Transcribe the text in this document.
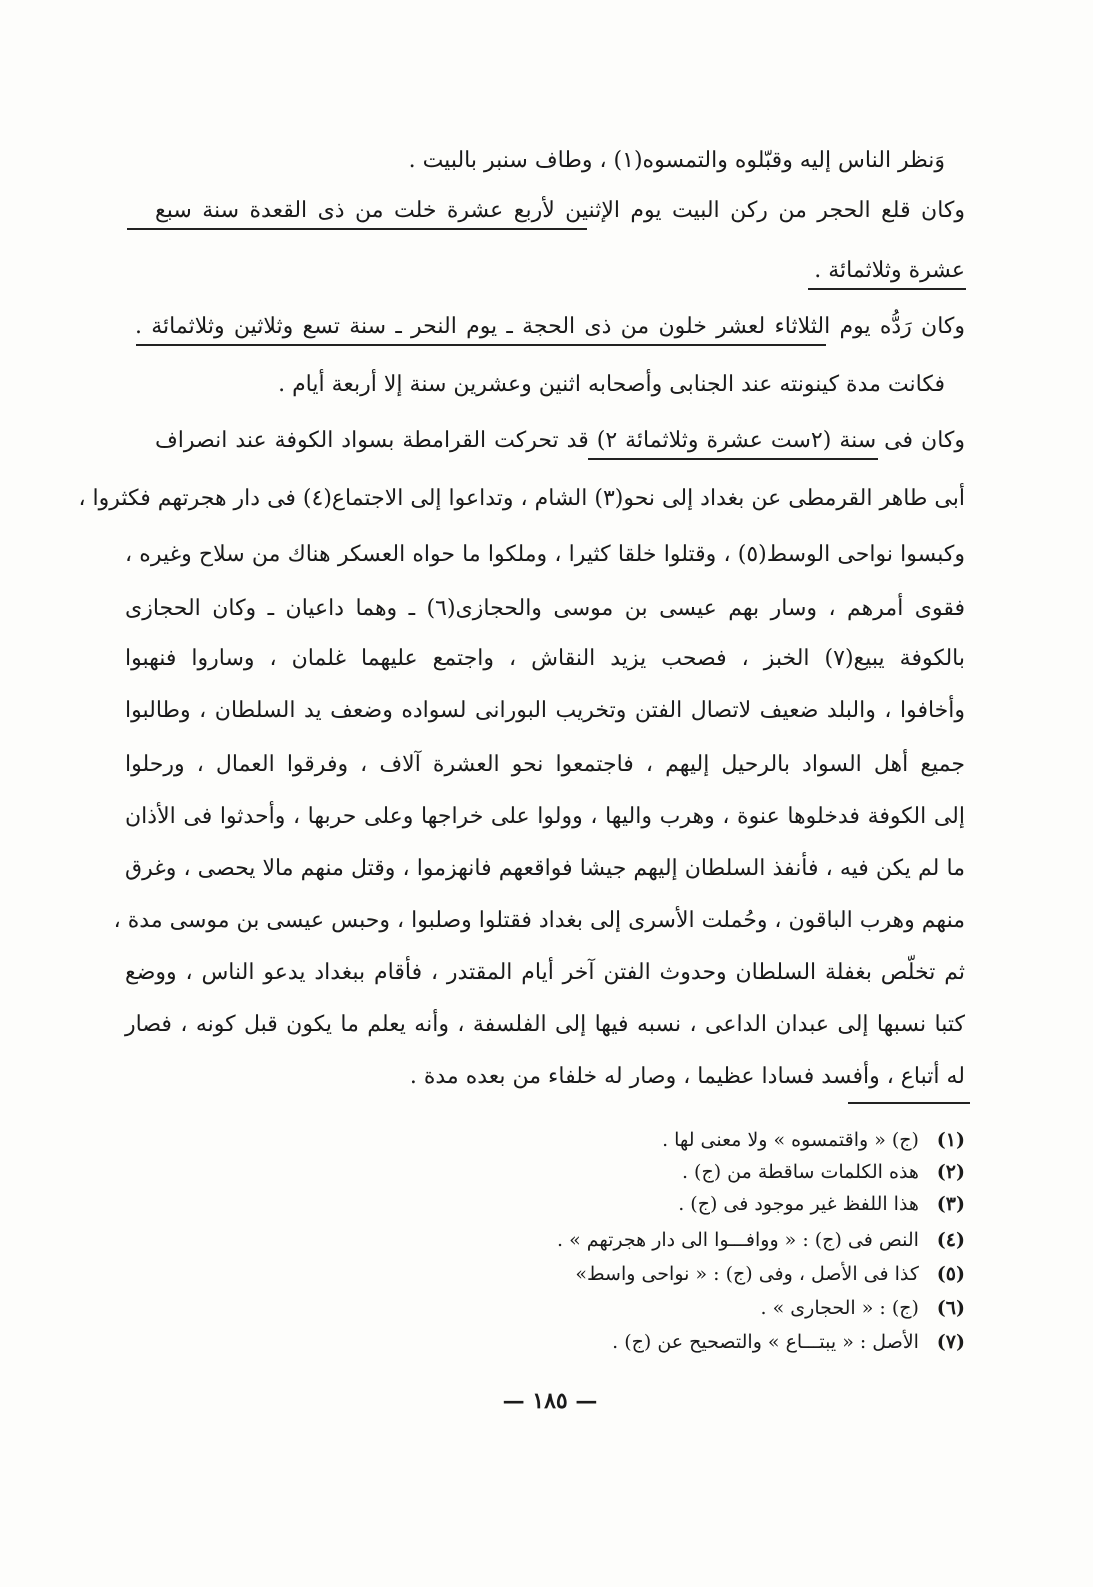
وَنظر الناس إليه وقبّلوه والتمسوه(١) ، وطاف سنبر بالبيت .
وكان قلع الحجر من ركن البيت يوم الإثنين لأربع عشرة خلت من ذى القعدة سنة سبع
عشرة وثلاثمائة .
وكان رَدُّه يوم الثلاثاء لعشر خلون من ذى الحجة ـ يوم النحر ـ سنة تسع وثلاثين وثلاثمائة .
فكانت مدة كينونته عند الجنابى وأصحابه اثنين وعشرين سنة إلا أربعة أيام .
وكان فى سنة (٢ست عشرة وثلاثمائة ٢) قد تحركت القرامطة بسواد الكوفة عند انصراف
أبى طاهر القرمطى عن بغداد إلى نحو(٣) الشام ، وتداعوا إلى الاجتماع(٤) فى دار هجرتهم فكثروا ،
وكبسوا نواحى الوسط(٥) ، وقتلوا خلقا كثيرا ، وملكوا ما حواه العسكر هناك من سلاح وغيره ،
فقوى أمرهم ، وسار بهم عيسى بن موسى والحجازى(٦) ـ وهما داعيان ـ وكان الحجازى
بالكوفة يبيع(٧) الخبز ، فصحب يزيد النقاش ، واجتمع عليهما غلمان ، وساروا فنهبوا
وأخافوا ، والبلد ضعيف لاتصال الفتن وتخريب البورانى لسواده وضعف يد السلطان ، وطالبوا
جميع أهل السواد بالرحيل إليهم ، فاجتمعوا نحو العشرة آلاف ، وفرقوا العمال ، ورحلوا
إلى الكوفة فدخلوها عنوة ، وهرب واليها ، وولوا على خراجها وعلى حربها ، وأحدثوا فى الأذان
ما لم يكن فيه ، فأنفذ السلطان إليهم جيشا فواقعهم فانهزموا ، وقتل منهم مالا يحصى ، وغرق
منهم وهرب الباقون ، وحُملت الأسرى إلى بغداد فقتلوا وصلبوا ، وحبس عيسى بن موسى مدة ،
ثم تخلّص بغفلة السلطان وحدوث الفتن آخر أيام المقتدر ، فأقام ببغداد يدعو الناس ، ووضع
كتبا نسبها إلى عبدان الداعى ، نسبه فيها إلى الفلسفة ، وأنه يعلم ما يكون قبل كونه ، فصار
له أتباع ، وأفسد فسادا عظيما ، وصار له خلفاء من بعده مدة .
(١) (ج) « واقتمسوه » ولا معنى لها .
(٢) هذه الكلمات ساقطة من (ج) .
(٣) هذا اللفظ غير موجود فى (ج) .
(٤) النص فى (ج) : « ووافـــوا الى دار هجرتهم » .
(٥) كذا فى الأصل ، وفى (ج) : « نواحى واسط»
(٦) (ج) : « الحجارى » .
(٧) الأصل : « يبتـــاع » والتصحيح عن (ج) .
— ١٨٥ —
